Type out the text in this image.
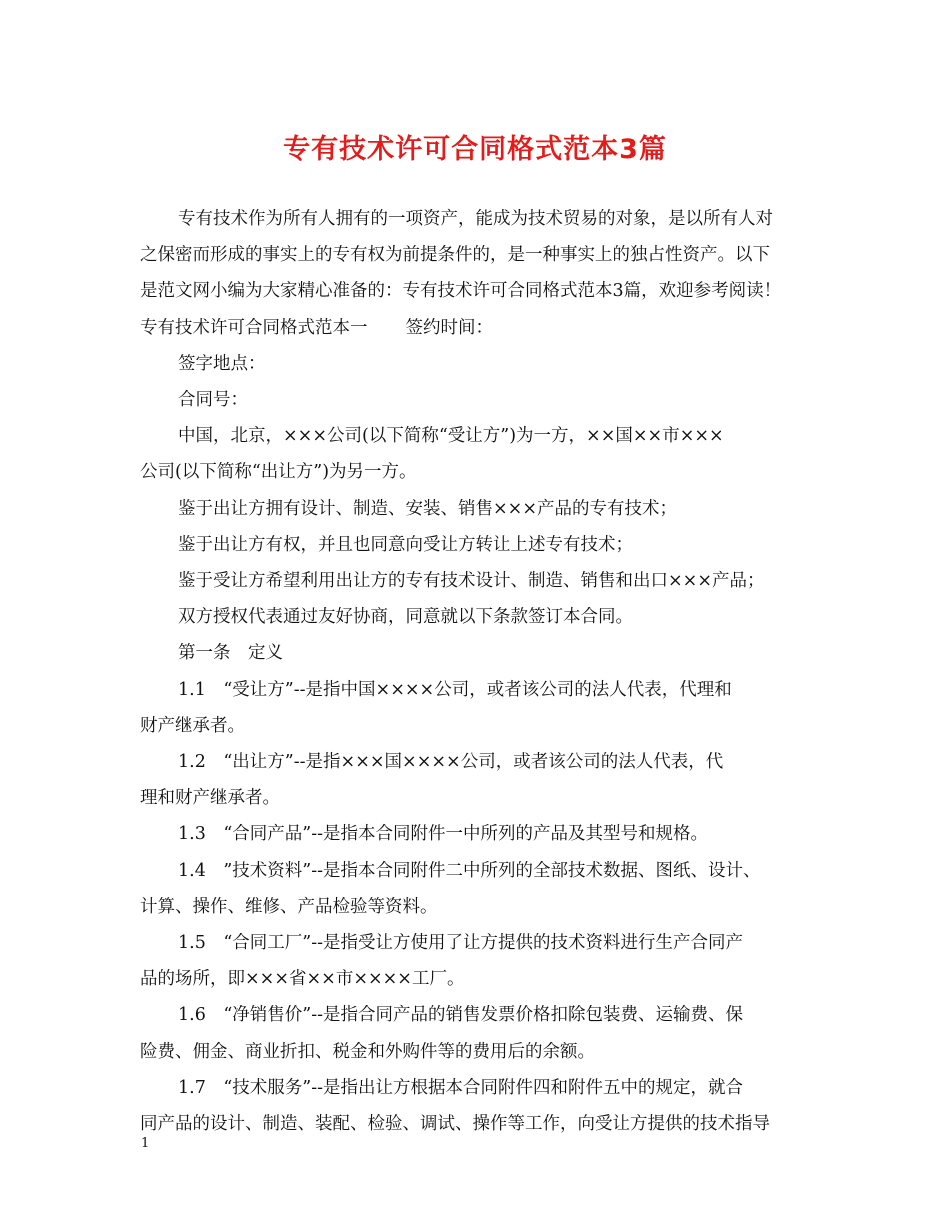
专有技术许可合同格式范本3篇

专有技术作为所有人拥有的一项资产，能成为技术贸易的对象，是以所有人对

之保密而形成的事实上的专有权为前提条件的，是一种事实上的独占性资产。以下

是范文网小编为大家精心准备的：专有技术许可合同格式范本3篇，欢迎参考阅读！

专有技术许可合同格式范本一 签约时间：

签字地点：

合同号：

中国，北京，×××公司(以下简称“受让方”)为一方，××国××市×××

公司(以下简称“出让方”)为另一方。

鉴于出让方拥有设计、制造、安装、销售×××产品的专有技术；

鉴于出让方有权，并且也同意向受让方转让上述专有技术；

鉴于受让方希望利用出让方的专有技术设计、制造、销售和出口×××产品；

双方授权代表通过友好协商，同意就以下条款签订本合同。

第一条　定义

1.1　“受让方”--是指中国××××公司，或者该公司的法人代表，代理和

财产继承者。

1.2　“出让方”--是指×××国××××公司，或者该公司的法人代表，代

理和财产继承者。

1.3　“合同产品”--是指本合同附件一中所列的产品及其型号和规格。

1.4　”技术资料”--是指本合同附件二中所列的全部技术数据、图纸、设计、

计算、操作、维修、产品检验等资料。

1.5　“合同工厂”--是指受让方使用了让方提供的技术资料进行生产合同产

品的场所，即×××省××市××××工厂。

1.6　“净销售价”--是指合同产品的销售发票价格扣除包装费、运输费、保

险费、佣金、商业折扣、税金和外购件等的费用后的余额。

1.7　“技术服务”--是指出让方根据本合同附件四和附件五中的规定，就合

同产品的设计、制造、装配、检验、调试、操作等工作，向受让方提供的技术指导

1
